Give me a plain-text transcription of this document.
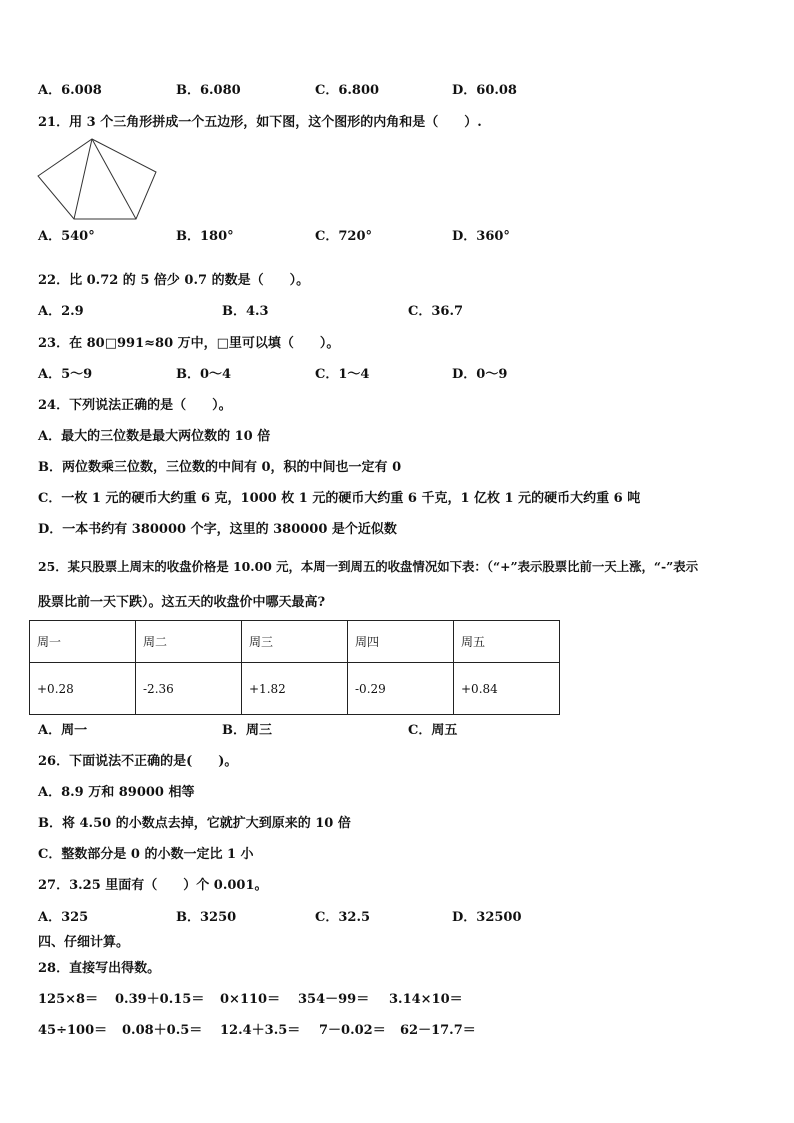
A．6.008	B．6.080	C．6.800	D．60.08
21．用 3 个三角形拼成一个五边形，如下图，这个图形的内角和是（　　）.
A．540°	B．180°	C．720°	D．360°
22．比 0.72 的 5 倍少 0.7 的数是（　　）。
A．2.9	B．4.3	C．36.7
23．在 80□991≈80 万中，□里可以填（　　）。
A．5～9	B．0～4	C．1～4	D．0～9
24．下列说法正确的是（　　）。
A．最大的三位数是最大两位数的 10 倍
B．两位数乘三位数，三位数的中间有 0，积的中间也一定有 0
C．一枚 1 元的硬币大约重 6 克，1000 枚 1 元的硬币大约重 6 千克，1 亿枚 1 元的硬币大约重 6 吨
D．一本书约有 380000 个字，这里的 380000 是个近似数
25．某只股票上周末的收盘价格是 10.00 元，本周一到周五的收盘情况如下表：（“+”表示股票比前一天上涨，“-”表示
股票比前一天下跌）。这五天的收盘价中哪天最高?
周一	周二	周三	周四	周五
+0.28	-2.36	+1.82	-0.29	+0.84
A．周一	B．周三	C．周五
26．下面说法不正确的是(　　)。
A．8.9 万和 89000 相等
B．将 4.50 的小数点去掉，它就扩大到原来的 10 倍
C．整数部分是 0 的小数一定比 1 小
27．3.25 里面有（　　）个 0.001。
A．325	B．3250	C．32.5	D．32500
四、仔细计算。
28．直接写出得数。
125×8＝ 0.39＋0.15＝ 0×110＝ 354－99＝ 3.14×10＝
45÷100＝ 0.08＋0.5＝ 12.4＋3.5＝ 7－0.02＝ 62－17.7＝
